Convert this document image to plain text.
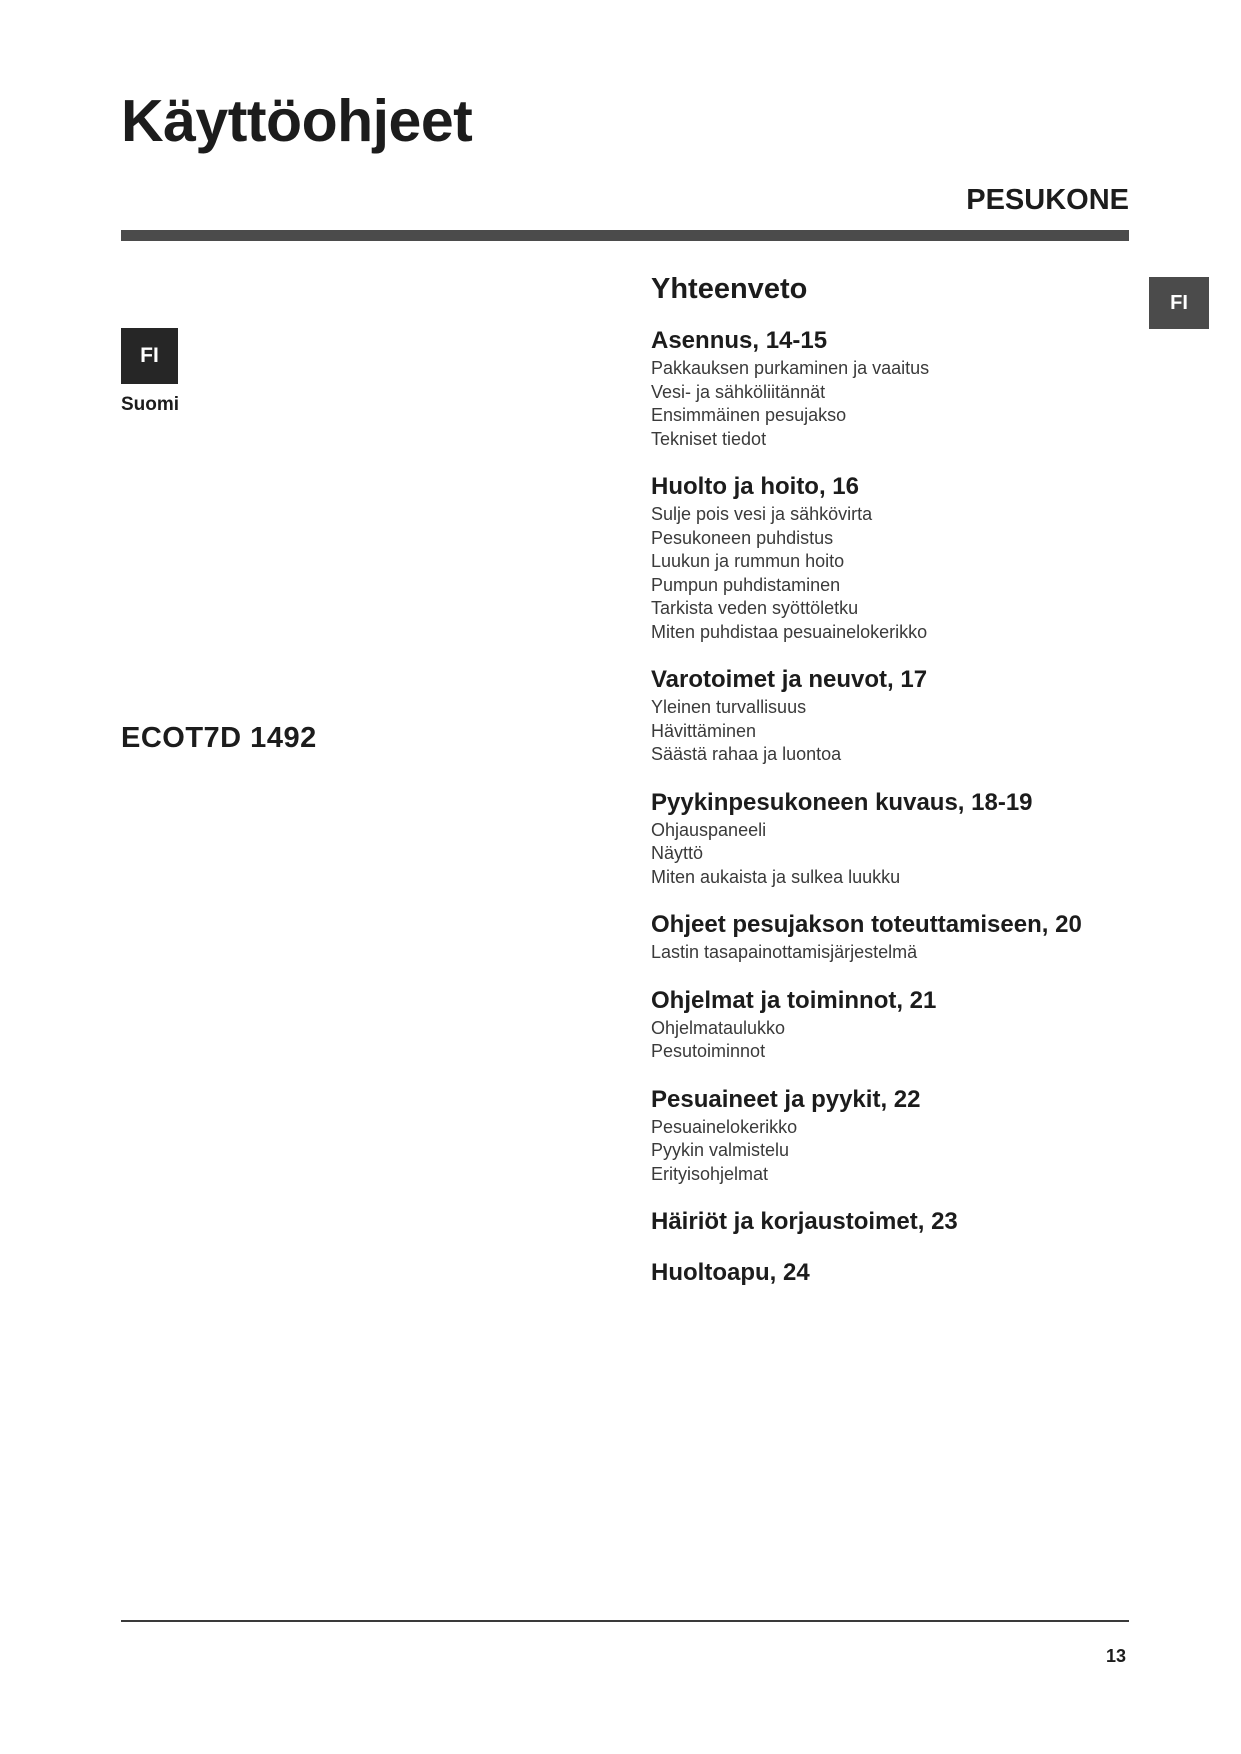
Käyttöohjeet
PESUKONE
FI
Suomi
ECOT7D 1492
FI
Yhteenveto
Asennus, 14-15
Pakkauksen purkaminen ja vaaitus
Vesi- ja sähköliitännät
Ensimmäinen pesujakso
Tekniset tiedot
Huolto ja hoito, 16
Sulje pois vesi ja sähkövirta
Pesukoneen puhdistus
Luukun ja rummun hoito
Pumpun puhdistaminen
Tarkista veden syöttöletku
Miten puhdistaa pesuainelokerikko
Varotoimet ja neuvot, 17
Yleinen turvallisuus
Hävittäminen
Säästä rahaa ja luontoa
Pyykinpesukoneen kuvaus, 18-19
Ohjauspaneeli
Näyttö
Miten aukaista ja sulkea luukku
Ohjeet pesujakson toteuttamiseen, 20
Lastin tasapainottamisjärjestelmä
Ohjelmat ja toiminnot, 21
Ohjelmataulukko
Pesutoiminnot
Pesuaineet ja pyykit, 22
Pesuainelokerikko
Pyykin valmistelu
Erityisohjelmat
Häiriöt ja korjaustoimet, 23
Huoltoapu, 24
13
